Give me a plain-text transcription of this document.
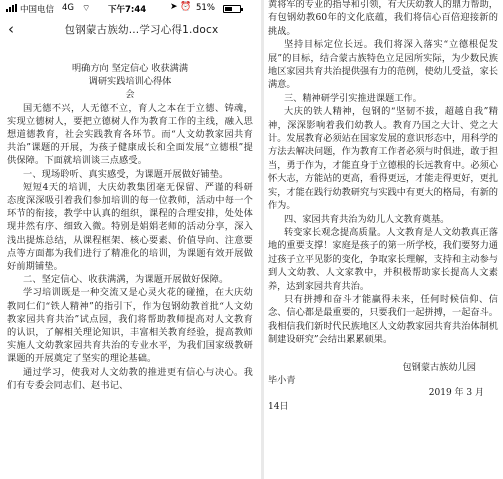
中国电信 4G ⌔ 下午7:44	➤ ⏰ 51%
‹	包钢蒙古族幼...学习心得1.docx

明确方向 坚定信心 收获满满

调研实践培训心得体

会

国无德不兴，人无德不立，育人之本在于立德、铸魂，实现立德树人，要把立德树人作为教育工作的主线，融入思想道德教育，社会实践教育各环节。而“人文幼教家园共育共治”课题的开展，为孩子健康成长和全面发展“立德根”提供保障。下面就培训谈三点感受。

一、现场聆听、真实感受，为课题开展做好铺垫。

短短4天的培训，大庆幼教集团毫无保留、严谨的科研态度深深吸引着我们参加培训的每一位教师，活动中每一个环节的衔接，教学中认真的组织，课程的合理安排，处处体现井然有序、细致入微。特别是娟娟老师的活动分享，深入浅出提炼总结，从课程框架、核心要素、价值导向、注意要点等方面都为我们进行了精准化的培训，为课题有效开展做好前期铺垫。

二、坚定信心、收获满满，为课题开展做好保障。

学习培训既是一种交流又是心灵火花的碰撞，在大庆幼教同仁们“铁人精神”的指引下，作为包钢幼教首批“人文幼教家园共育共治”试点园，我们将帮助教师提高对人文教育的认识，了解相关理论知识，丰富相关教育经验，提高教师实施人文幼教家园共育共治的专业水平，为我们国家级教研课题的开展奠定了坚实的理论基础。

通过学习，使我对人文幼教的推进更有信心与决心。我们有专委会同志们、赵书记、

黄将军的专业的指导和引领，有大庆幼教人的鼎力帮助，有包钢幼教60年的文化底蕴，我们将信心百倍迎接新的挑战。

坚持目标定位长远。我们将深入落实“立德根促发展”的目标，结合蒙古族特色立足园所实际，为少数民族地区家园共育共治提供强有力的范例，使幼儿受益，家长满意。

三、精神研学引实推进课题工作。

大庆的铁人精神，包钢的“坚韧不拔，超越自我”精神，深深影响着我们幼教人。教育乃国之大计、党之大计。发展教育必须站在国家发展的意识形态中，用科学的方法去解决问题，作为教育工作者必须与时俱进，敢于担当，勇于作为，才能直身于立德根的长远教育中。必须心怀大志，方能站的更高，看得更远，才能走得更好，更扎实，才能在践行幼教研究与实践中有更大的格局，有新的作为。

四、家园共育共治为幼儿人文教育奠基。

转变家长观念提高质量。人文教育是人文幼教真正落地的重要支撑！家庭是孩子的第一所学校，我们要努力通过孩子立平见影的变化，争取家长理解，支持和主动参与到人文幼教、人文家教中，并积极帮助家长提高人文素养，达到家园共育共治。

只有拼搏和奋斗才能赢得未来，任何时候信仰、信念、信心都是最重要的，只要我们一起拼搏，一起奋斗。我相信我们新时代民族地区人文幼教家园共育共治体制机制建设研究”会结出累累硕果。

包钢蒙古族幼儿园

毕小青

2019 年 3 月

14日
